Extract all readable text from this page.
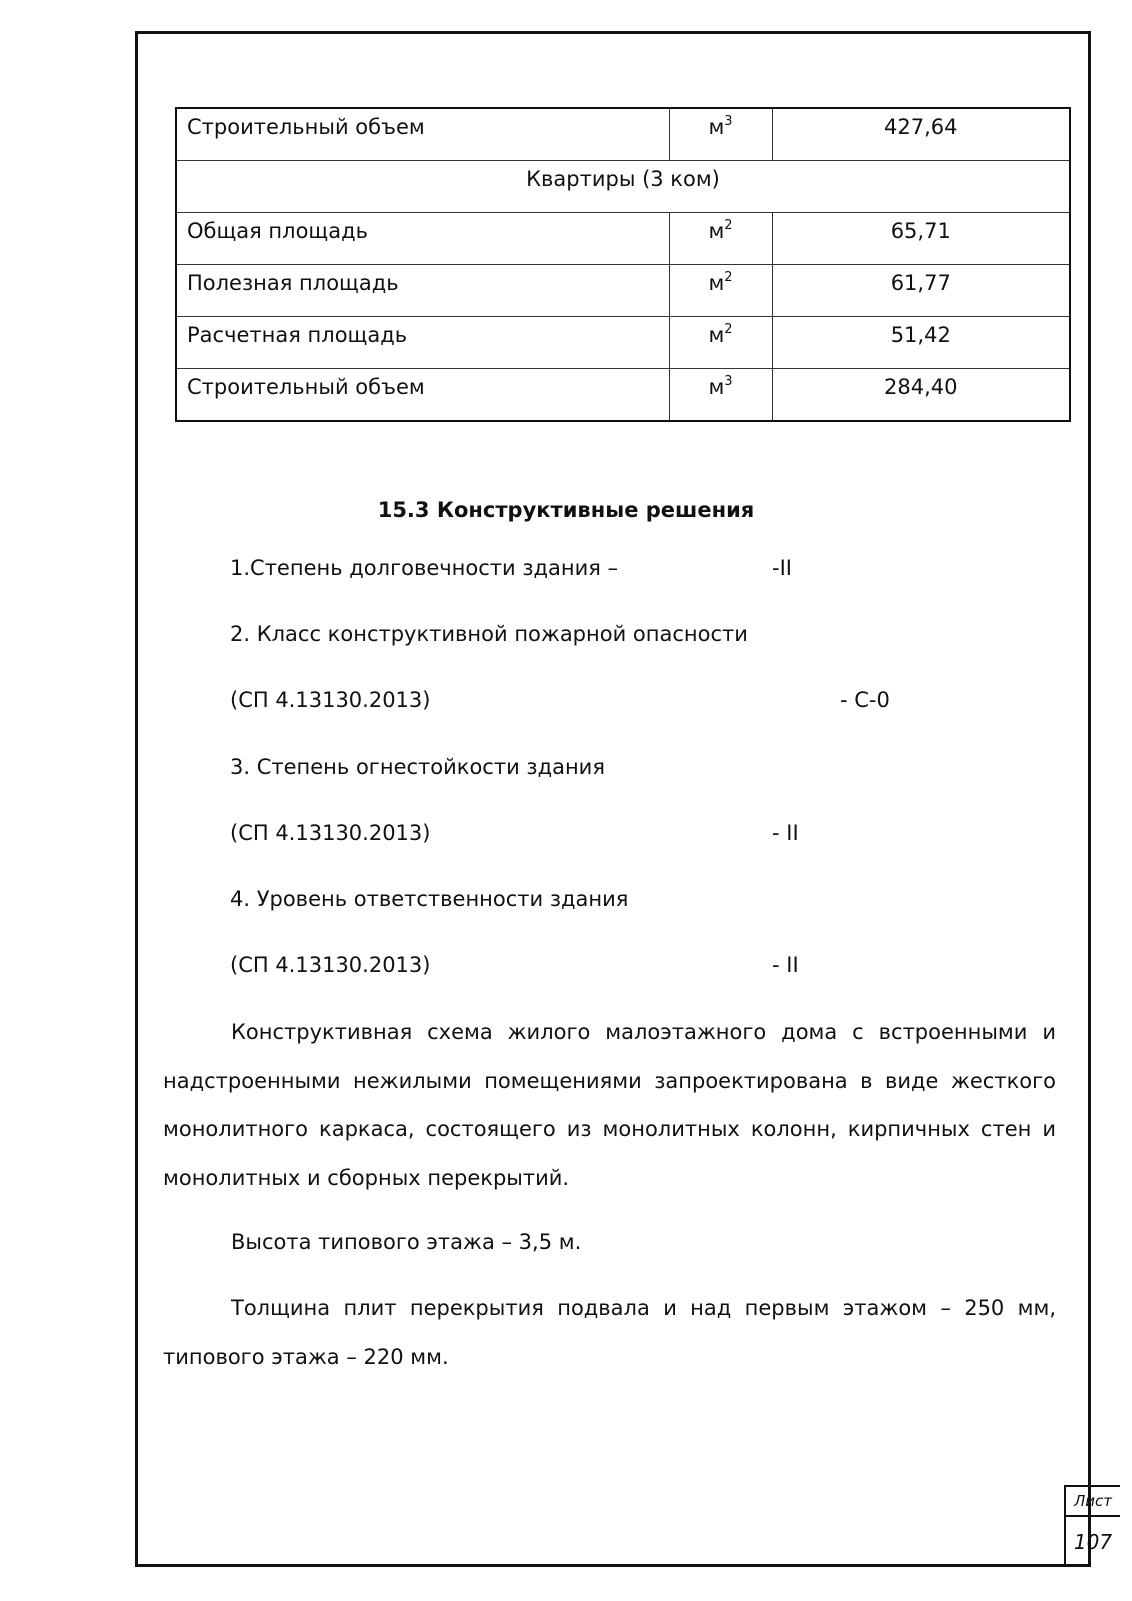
Строительный объем	$м^3$	427,64
Квартиры (3 ком)		
Общая площадь	$м^2$	65,71
Полезная площадь	$м^2$	61,77
Расчетная площадь	$м^2$	51,42
Строительный объем	$м^3$	284,40
15.3 Конструктивные решения
1.Степень долговечности здания –	-II
2. Класс конструктивной пожарной опасности
(СП 4.13130.2013)	- С-0
3. Степень огнестойкости здания
(СП 4.13130.2013)	- II
4. Уровень ответственности здания
(СП 4.13130.2013)	- II

Конструктивная схема жилого малоэтажного дома с встроенными и надстроенными нежилыми помещениями запроектирована в виде жесткого монолитного каркаса, состоящего из монолитных колонн, кирпичных стен и монолитных и сборных перекрытий.

Высота типового этажа – 3,5 м.

Толщина плит перекрытия подвала и над первым этажом – 250 мм, типового этажа – 220 мм.

Лист
107
